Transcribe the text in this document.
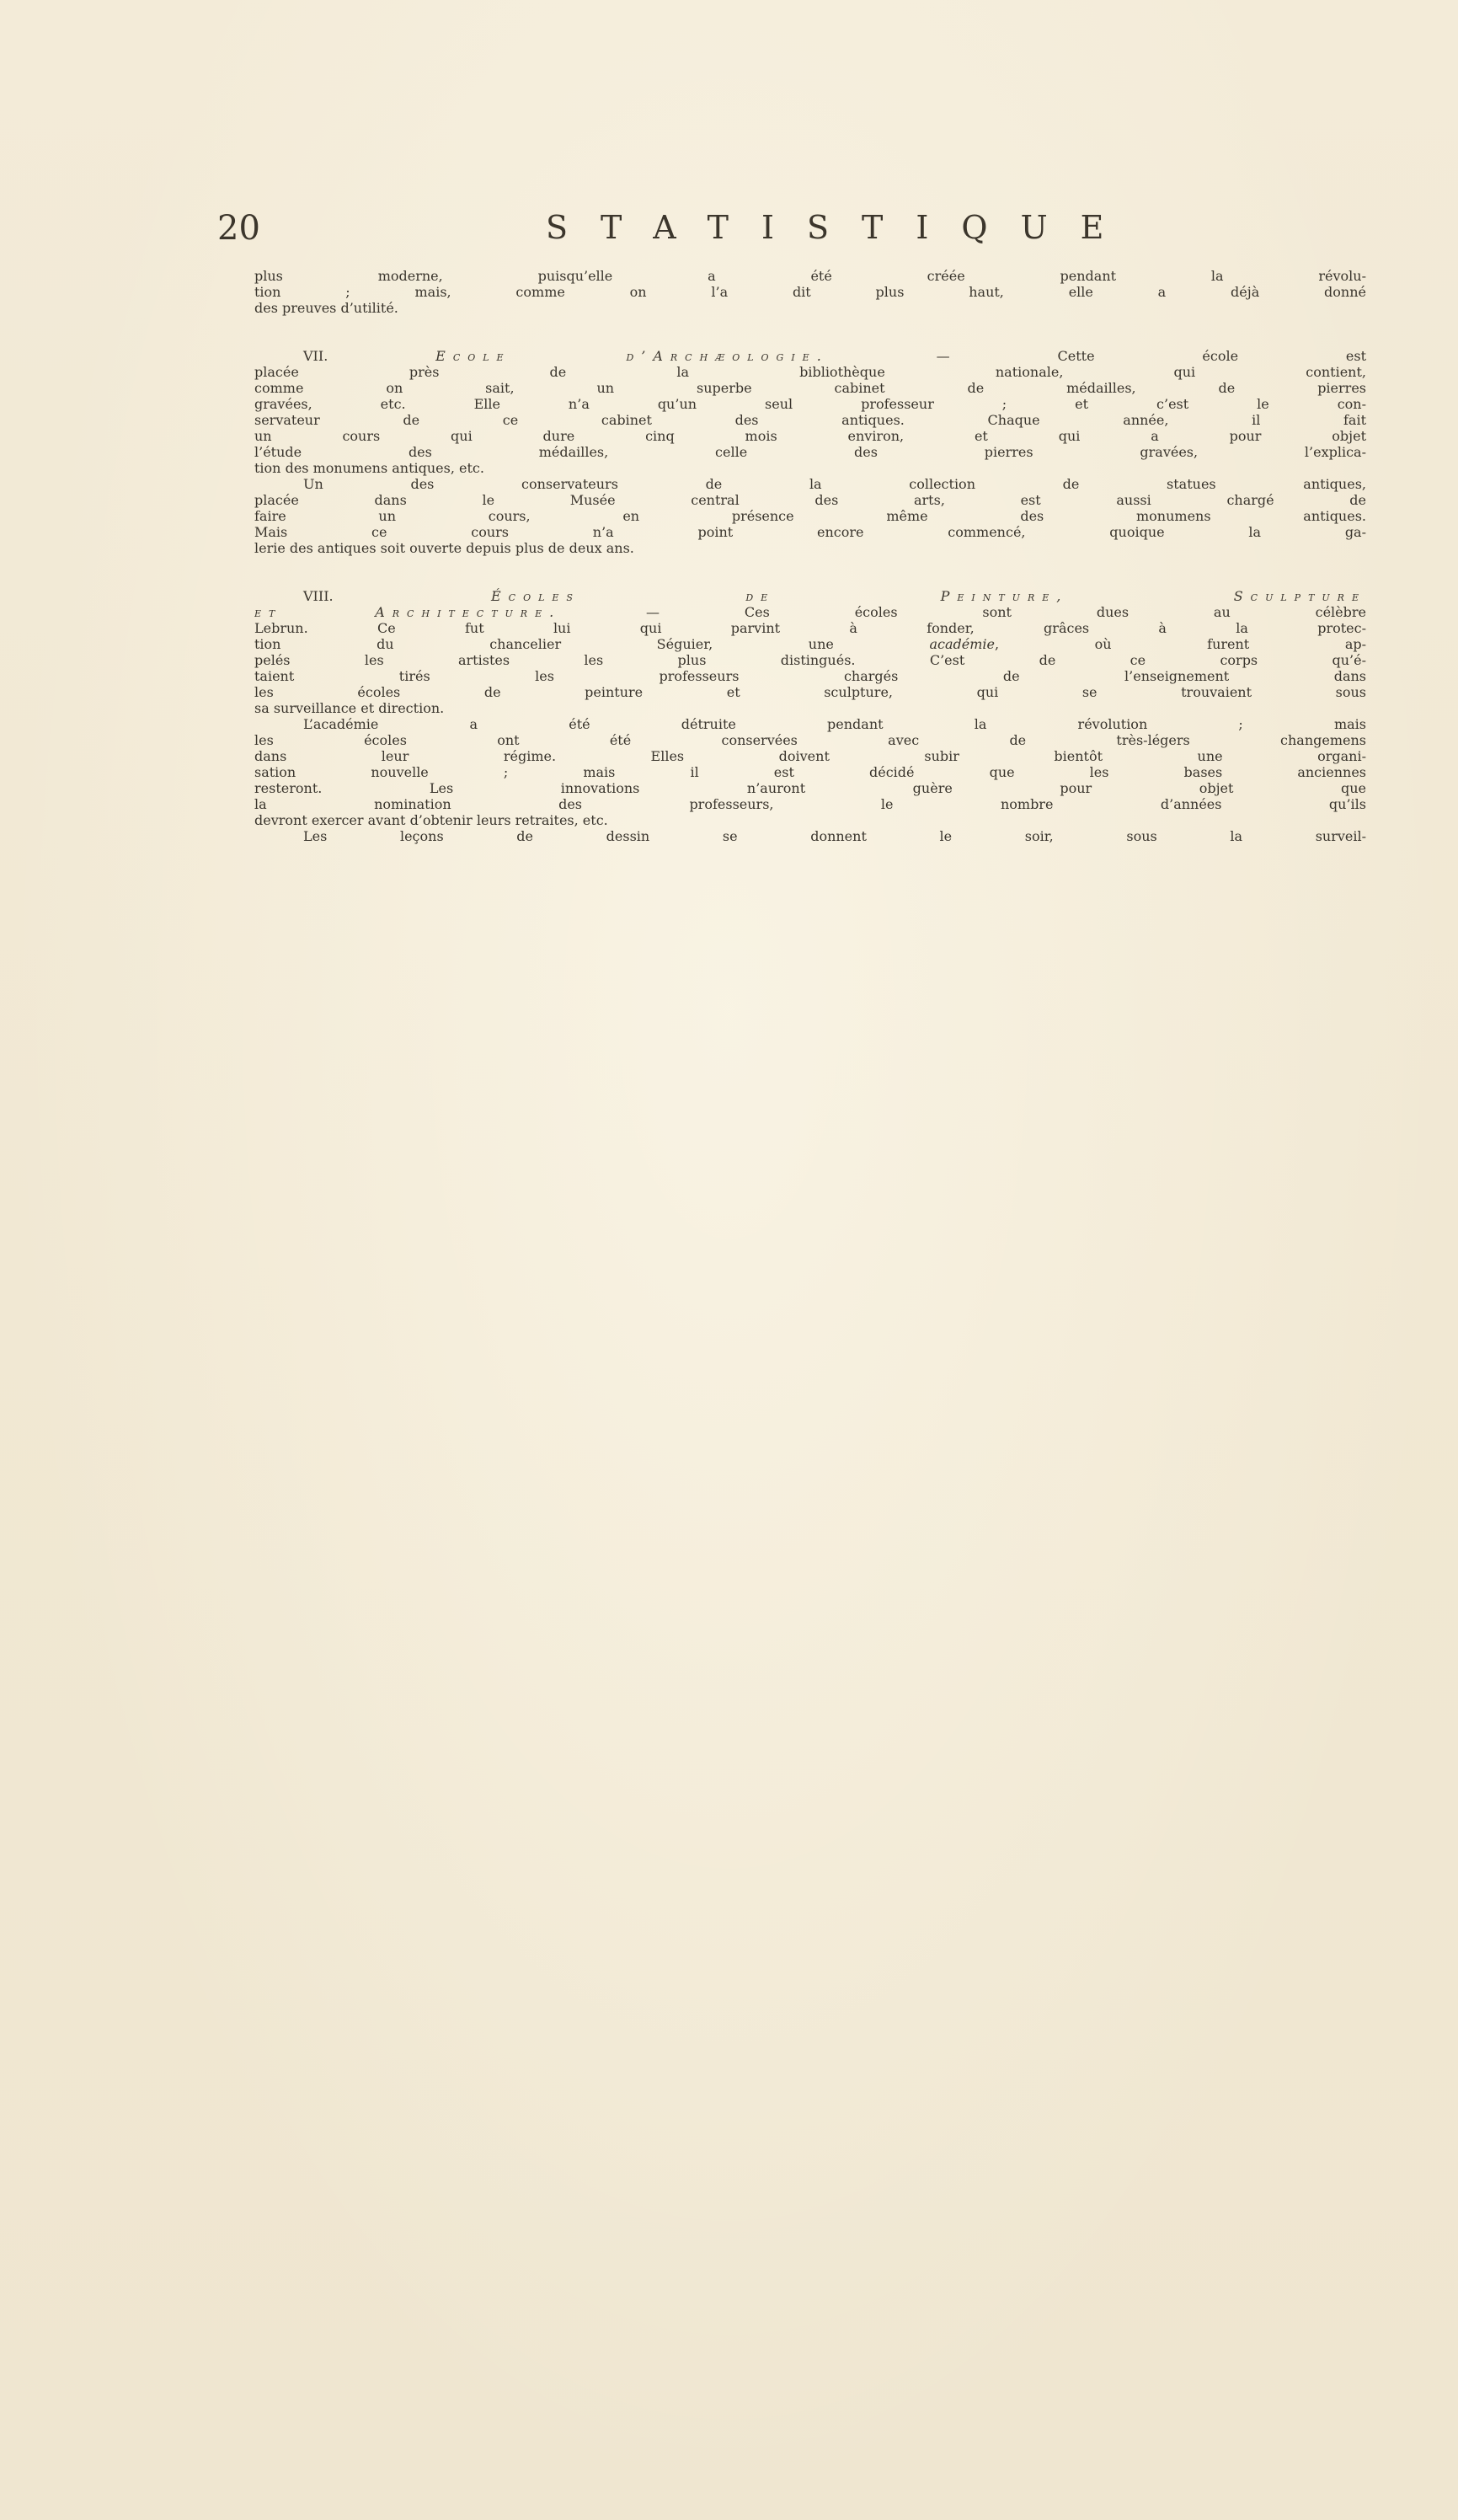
20	STATISTIQUE
plus moderne, puisqu’elle a été créée pendant la révolu-
tion ; mais, comme on l’a dit plus haut, elle a déjà donné
des preuves d’utilité.
VII.	Ecole d’Archæologie. — Cette école est
placée près de la bibliothèque nationale, qui contient,
comme on sait, un superbe cabinet de médailles, de pierres
gravées, etc. Elle n’a qu’un seul professeur ; et c’est le con-
servateur de ce cabinet des antiques. Chaque année, il fait
un cours qui dure cinq mois environ, et qui a pour objet
l’étude des médailles, celle des pierres gravées, l’explica-
tion des monumens antiques, etc.
Un des conservateurs de la collection de statues antiques,
placée dans le Musée central des arts, est aussi chargé de
faire un cours, en présence même des monumens antiques.
Mais ce cours n’a point encore commencé, quoique la ga-
lerie des antiques soit ouverte depuis plus de deux ans.
VIII.	Écoles de Peinture, Sculpture
et Architecture. — Ces écoles sont dues au célèbre
Lebrun. Ce fut lui qui parvint à fonder, grâces à la protec-
tion du chancelier Séguier, une académie, où furent ap-
pelés les artistes les plus distingués. C’est de ce corps qu’é-
taient tirés les professeurs chargés de l’enseignement dans
les écoles de peinture et sculpture, qui se trouvaient sous
sa surveillance et direction.
L’académie a été détruite pendant la révolution ; mais
les écoles ont été conservées avec de très-légers changemens
dans leur régime. Elles doivent subir bientôt une organi-
sation nouvelle ; mais il est décidé que les bases anciennes
resteront. Les innovations n’auront guère pour objet que
la nomination des professeurs, le nombre d’années qu’ils
devront exercer avant d’obtenir leurs retraites, etc.
Les leçons de dessin se donnent le soir, sous la surveil-
